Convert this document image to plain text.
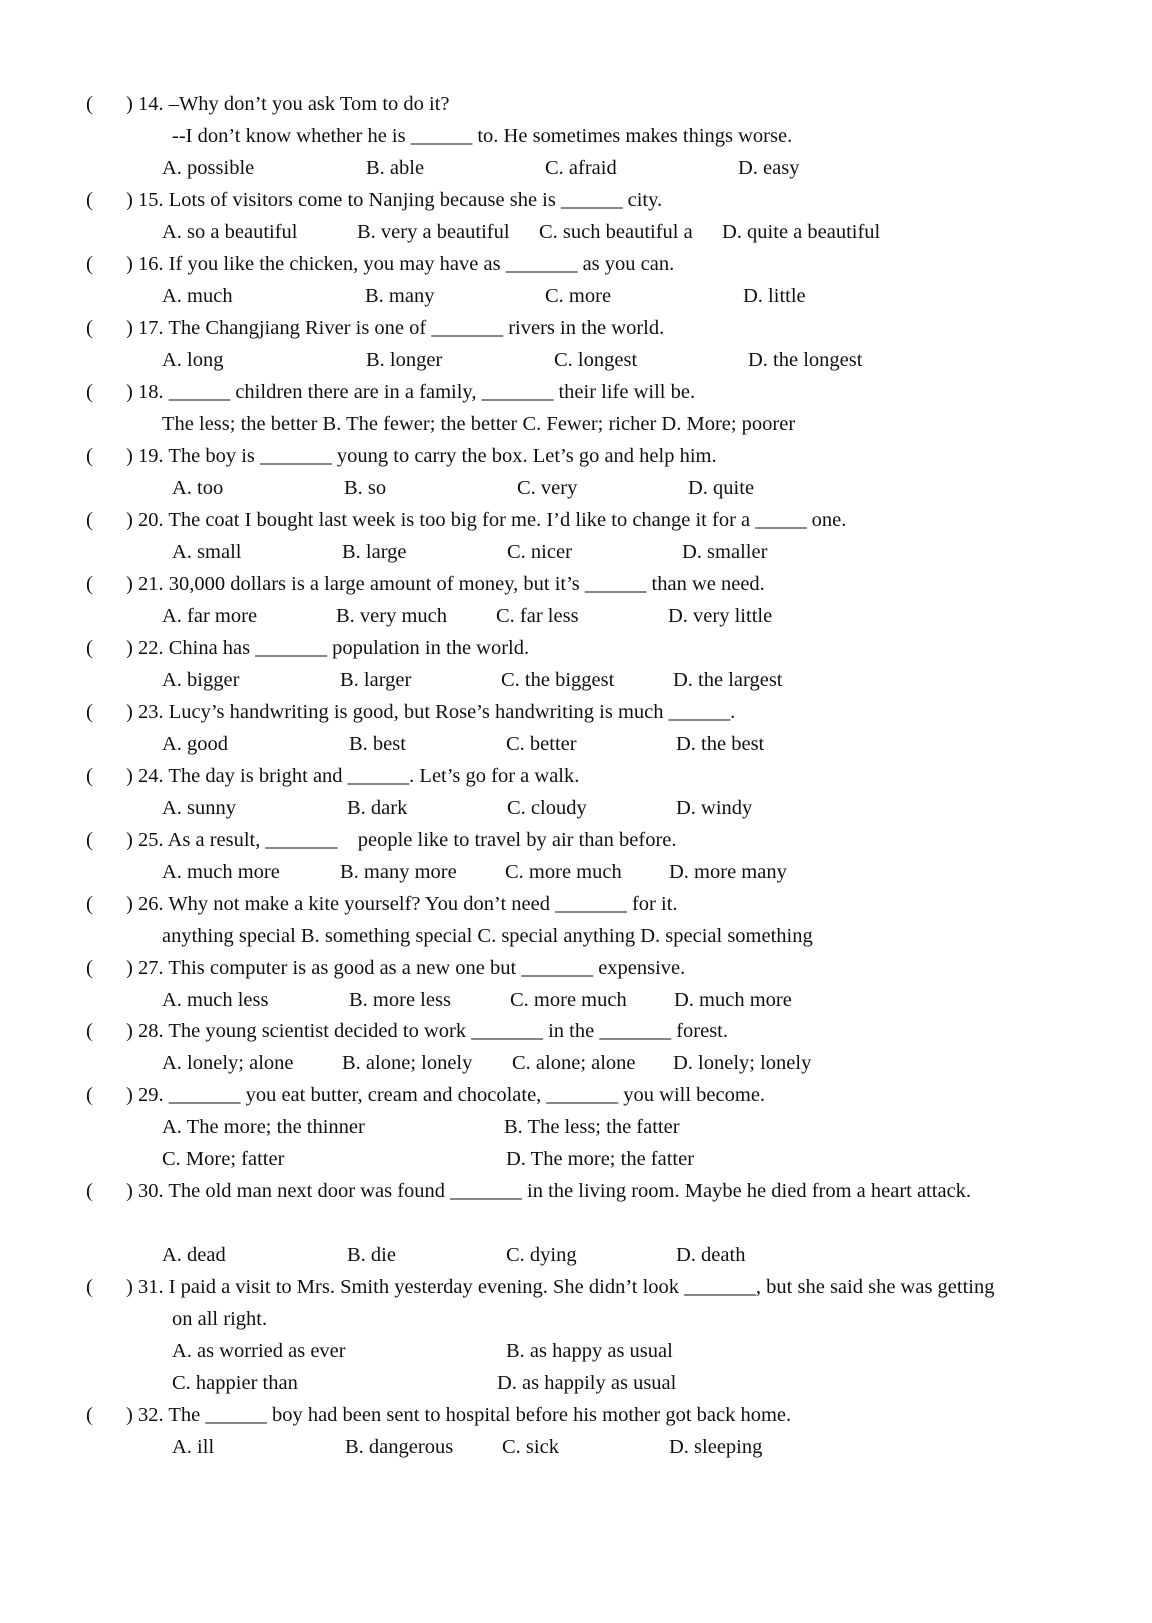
(

) 14. –Why don’t you ask Tom to do it?

--I don’t know whether he is ______ to. He sometimes makes things worse.

A. possible

	B. able

	C. afraid

	D. easy

(

) 15. Lots of visitors come to Nanjing because she is ______ city.

A. so a beautiful

	B. very a beautiful

C. such beautiful a

D. quite a beautiful

(

) 16. If you like the chicken, you may have as _______ as you can.

A. much

	B. many

	C. more

	D. little

(

) 17. The Changjiang River is one of _______ rivers in the world.

A. long

	B. longer

	C. longest

	D. the longest

(

) 18. ______ children there are in a family, _______ their life will be.

The less; the better B. The fewer; the better C. Fewer; richer D. More; poorer

(

) 19. The boy is _______ young to carry the box. Let’s go and help him.

A. too

	B. so

	C. very

	D. quite

(

) 20. The coat I bought last week is too big for me. I’d like to change it for a _____ one.

A. small

	B. large

	C. nicer

	D. smaller

(

) 21. 30,000 dollars is a large amount of money, but it’s ______ than we need.

A. far more

	B. very much

C. far less

	D. very little

(

) 22. China has _______ population in the world.

A. bigger

	B. larger

	C. the biggest

	D. the largest

(

) 23. Lucy’s handwriting is good, but Rose’s handwriting is much ______.

A. good

	B. best

	C. better

	D. the best

(

) 24. The day is bright and ______. Let’s go for a walk.

A. sunny

	B. dark

	C. cloudy

	D. windy

(

) 25. As a result, _______    people like to travel by air than before.

A. much more

	B. many more

C. more much

D. more many

(

) 26. Why not make a kite yourself? You don’t need _______ for it.

anything special B. something special C. special anything D. special something

(

) 27. This computer is as good as a new one but _______ expensive.

A. much less

	B. more less

	C. more much

D. much more

(

) 28. The young scientist decided to work _______ in the _______ forest.

A. lonely; alone

B. alone; lonely

C. alone; alone

D. lonely; lonely

(

) 29. _______ you eat butter, cream and chocolate, _______ you will become.

A. The more; the thinner

	B. The less; the fatter

C. More; fatter

	D. The more; the fatter

(

) 30. The old man next door was found _______ in the living room. Maybe he died from a heart attack.

A. dead

	B. die

	C. dying

	D. death

(

) 31. I paid a visit to Mrs. Smith yesterday evening. She didn’t look _______, but she said she was getting

on all right.

A. as worried as ever

	B. as happy as usual

C. happier than

	D. as happily as usual

(

) 32. The ______ boy had been sent to hospital before his mother got back home.

A. ill

	B. dangerous

C. sick

	D. sleeping
